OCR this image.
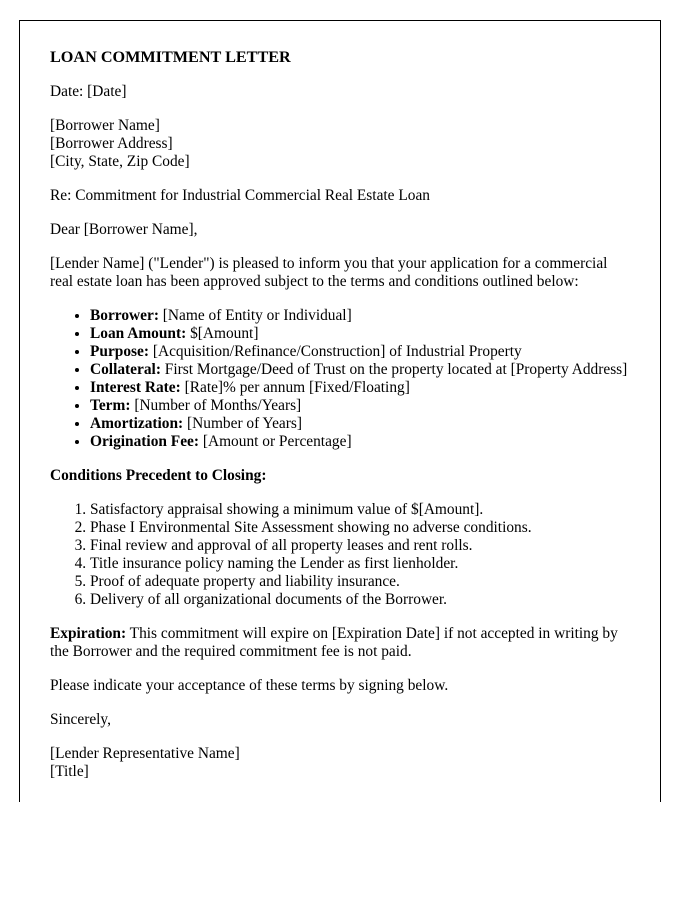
LOAN COMMITMENT LETTER

Date: [Date]

[Borrower Name]
[Borrower Address]
[City, State, Zip Code]

Re: Commitment for Industrial Commercial Real Estate Loan

Dear [Borrower Name],

[Lender Name] ("Lender") is pleased to inform you that your application for a commercial real estate loan has been approved subject to the terms and conditions outlined below:

• Borrower: [Name of Entity or Individual]
• Loan Amount: $[Amount]
• Purpose: [Acquisition/Refinance/Construction] of Industrial Property
• Collateral: First Mortgage/Deed of Trust on the property located at [Property Address]
• Interest Rate: [Rate]% per annum [Fixed/Floating]
• Term: [Number of Months/Years]
• Amortization: [Number of Years]
• Origination Fee: [Amount or Percentage]

Conditions Precedent to Closing:

1. Satisfactory appraisal showing a minimum value of $[Amount].
2. Phase I Environmental Site Assessment showing no adverse conditions.
3. Final review and approval of all property leases and rent rolls.
4. Title insurance policy naming the Lender as first lienholder.
5. Proof of adequate property and liability insurance.
6. Delivery of all organizational documents of the Borrower.

Expiration: This commitment will expire on [Expiration Date] if not accepted in writing by the Borrower and the required commitment fee is not paid.

Please indicate your acceptance of these terms by signing below.

Sincerely,

[Lender Representative Name]
[Title]
